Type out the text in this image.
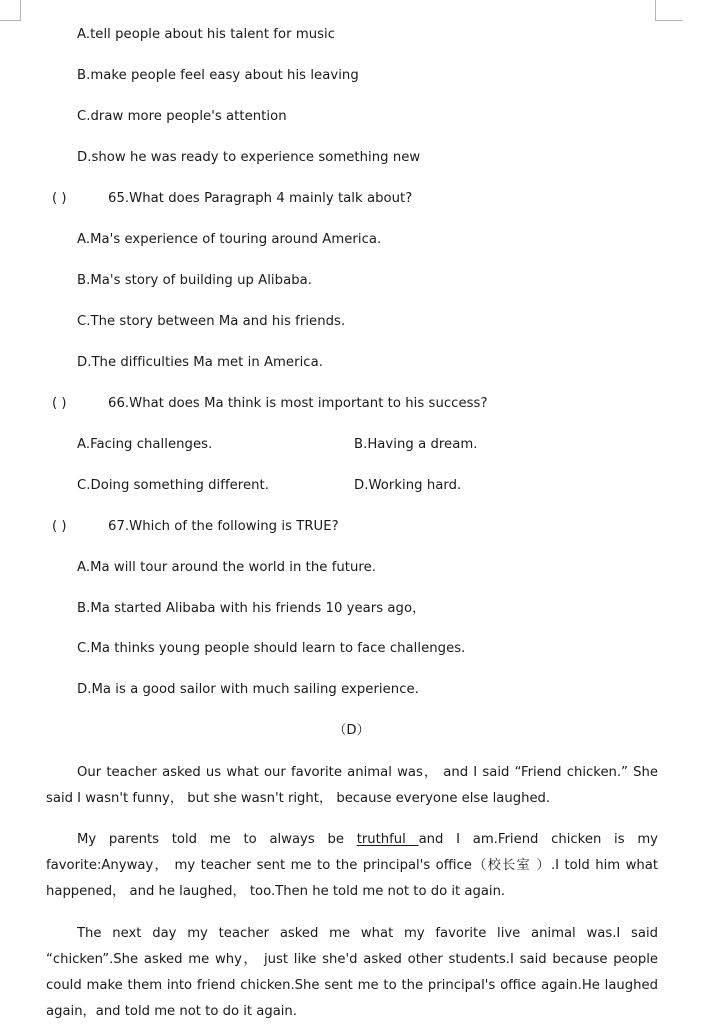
A.tell people about his talent for music
B.make people feel easy about his leaving
C.draw more people's attention
D.show he was ready to experience something new
( )	65.What does Paragraph 4 mainly talk about?
A.Ma's experience of touring around America.
B.Ma's story of building up Alibaba.
C.The story between Ma and his friends.
D.The difficulties Ma met in America.
( )	66.What does Ma think is most important to his success?
A.Facing challenges.	B.Having a dream.
C.Doing something different.	D.Working hard.
( )	67.Which of the following is TRUE?
A.Ma will tour around the world in the future.
B.Ma started Alibaba with his friends 10 years ago，
C.Ma thinks young people should learn to face challenges.
D.Ma is a good sailor with much sailing experience.
（D）

Our teacher asked us what our favorite animal was， and I said “Friend chicken.” She said I wasn't funny， but she wasn't right， because everyone else laughed.

My parents told me to always be truthful and I am.Friend chicken is my favorite:Anyway， my teacher sent me to the principal's office（校长室 ）.I told him what happened， and he laughed， too.Then he told me not to do it again.

The next day my teacher asked me what my favorite live animal was.I said “chicken”.She asked me why， just like she'd asked other students.I said because people could make them into friend chicken.She sent me to the principal's office again.He laughed again，and told me not to do it again.
